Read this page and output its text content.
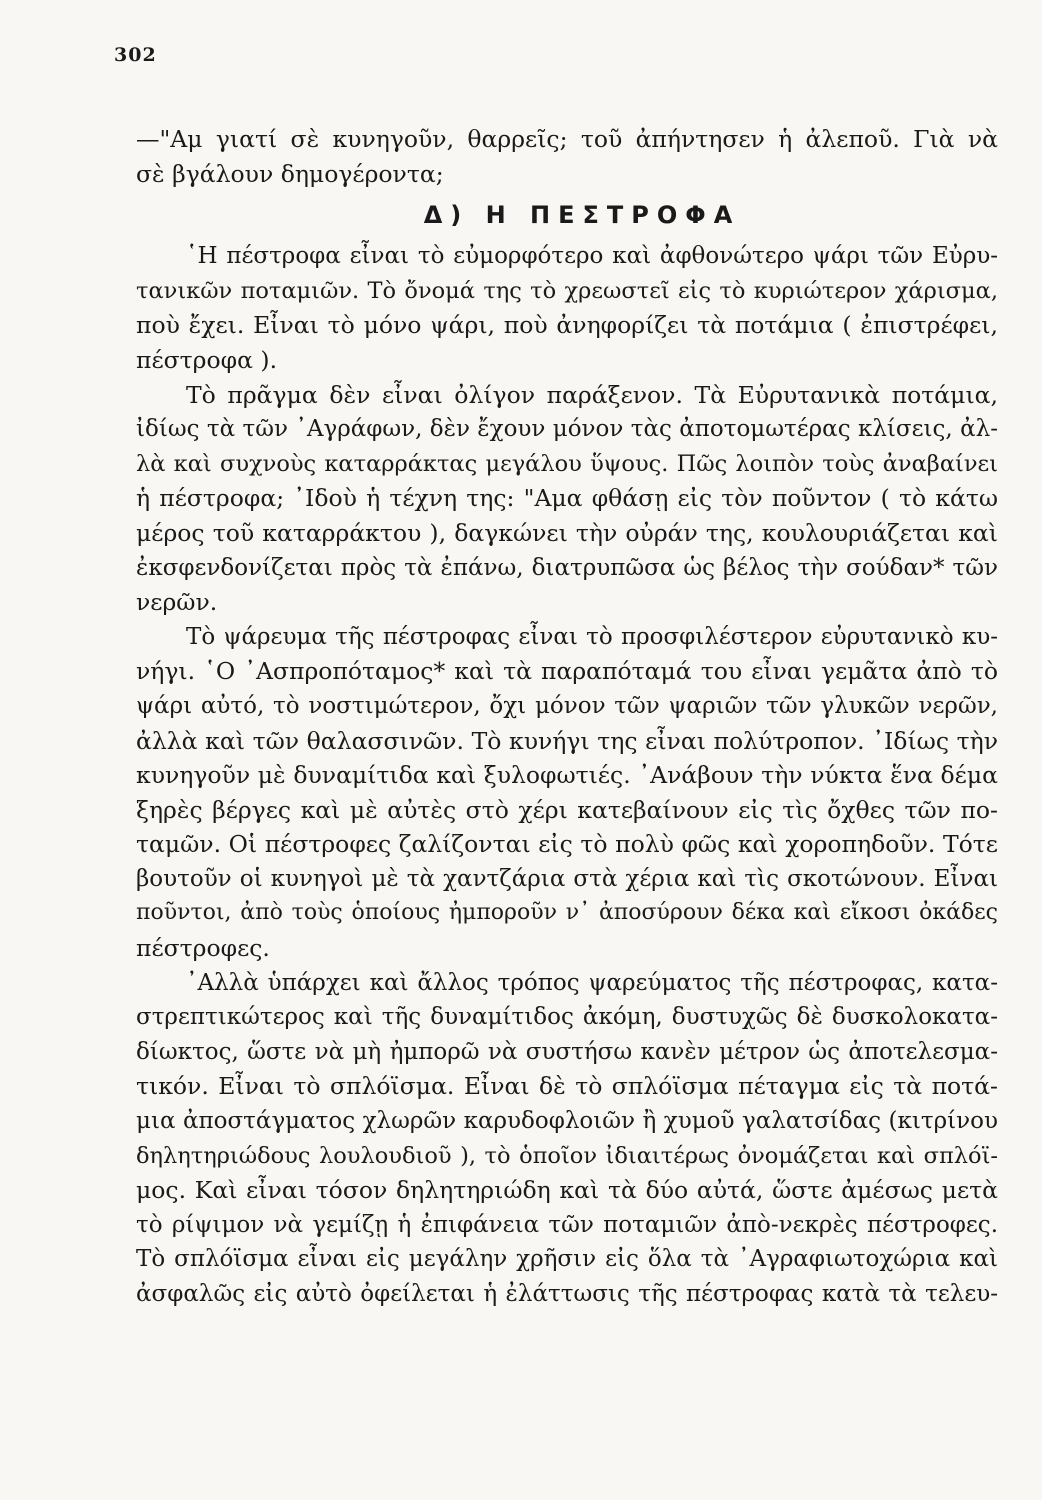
302
—"Αμ γιατί σὲ κυνηγοῦν, θαρρεῖς; τοῦ ἀπήντησεν ἡ ἀλεποῦ. Γιὰ νὰ
σὲ βγάλουν δημογέροντα;
Δ) Η ΠΕΣΤΡΟΦΑ
῾Η πέστροφα εἶναι τὸ εὐμορφότερο καὶ ἀφθονώτερο ψάρι τῶν Εὐρυ-
τανικῶν ποταμιῶν. Τὸ ὄνομά της τὸ χρεωστεῖ εἰς τὸ κυριώτερον χάρισμα,
ποὺ ἔχει. Εἶναι τὸ μόνο ψάρι, ποὺ ἀνηφορίζει τὰ ποτάμια ( ἐπιστρέφει,
πέστροφα ).
Τὸ πρᾶγμα δὲν εἶναι ὀλίγον παράξενον. Τὰ Εὐρυτανικὰ ποτάμια,
ἰδίως τὰ τῶν ᾿Αγράφων, δὲν ἔχουν μόνον τὰς ἀποτομωτέρας κλίσεις, ἀλ-
λὰ καὶ συχνοὺς καταρράκτας μεγάλου ὕψους. Πῶς λοιπὸν τοὺς ἀναβαίνει
ἡ πέστροφα; ᾿Ιδοὺ ἡ τέχνη της: "Αμα φθάσῃ εἰς τὸν ποῦντον ( τὸ κάτω
μέρος τοῦ καταρράκτου ), δαγκώνει τὴν οὐράν της, κουλουριάζεται καὶ
ἐκσφενδονίζεται πρὸς τὰ ἐπάνω, διατρυπῶσα ὡς βέλος τὴν σούδαν* τῶν
νερῶν.
Τὸ ψάρευμα τῆς πέστροφας εἶναι τὸ προσφιλέστερον εὐρυτανικὸ κυ-
νήγι. ῾Ο ᾿Ασπροπόταμος* καὶ τὰ παραπόταμά του εἶναι γεμᾶτα ἀπὸ τὸ
ψάρι αὐτό, τὸ νοστιμώτερον, ὄχι μόνον τῶν ψαριῶν τῶν γλυκῶν νερῶν,
ἀλλὰ καὶ τῶν θαλασσινῶν. Τὸ κυνήγι της εἶναι πολύτροπον. ᾿Ιδίως τὴν
κυνηγοῦν μὲ δυναμίτιδα καὶ ξυλοφωτιές. ᾿Ανάβουν τὴν νύκτα ἕνα δέμα
ξηρὲς βέργες καὶ μὲ αὐτὲς στὸ χέρι κατεβαίνουν εἰς τὶς ὄχθες τῶν πο-
ταμῶν. Οἱ πέστροφες ζαλίζονται εἰς τὸ πολὺ φῶς καὶ χοροπηδοῦν. Τότε
βουτοῦν οἱ κυνηγοὶ μὲ τὰ χαντζάρια στὰ χέρια καὶ τὶς σκοτώνουν. Εἶναι
ποῦντοι, ἀπὸ τοὺς ὁποίους ἠμποροῦν ν᾿ ἀποσύρουν δέκα καὶ εἴκοσι ὀκάδες
πέστροφες.
᾿Αλλὰ ὑπάρχει καὶ ἄλλος τρόπος ψαρεύματος τῆς πέστροφας, κατα-
στρεπτικώτερος καὶ τῆς δυναμίτιδος ἀκόμη, δυστυχῶς δὲ δυσκολοκατα-
δίωκτος, ὥστε νὰ μὴ ἠμπορῶ νὰ συστήσω κανὲν μέτρον ὡς ἀποτελεσμα-
τικόν. Εἶναι τὸ σπλόϊσμα. Εἶναι δὲ τὸ σπλόϊσμα πέταγμα εἰς τὰ ποτά-
μια ἀποστάγματος χλωρῶν καρυδοφλοιῶν ἢ χυμοῦ γαλατσίδας (κιτρίνου
δηλητηριώδους λουλουδιοῦ ), τὸ ὁποῖον ἰδιαιτέρως ὀνομάζεται καὶ σπλόϊ-
μος. Καὶ εἶναι τόσον δηλητηριώδη καὶ τὰ δύο αὐτά, ὥστε ἀμέσως μετὰ
τὸ ρίψιμον νὰ γεμίζῃ ἡ ἐπιφάνεια τῶν ποταμιῶν ἀπὸ-νεκρὲς πέστροφες.
Τὸ σπλόϊσμα εἶναι εἰς μεγάλην χρῆσιν εἰς ὅλα τὰ ᾿Αγραφιωτοχώρια καὶ
ἀσφαλῶς εἰς αὐτὸ ὀφείλεται ἡ ἐλάττωσις τῆς πέστροφας κατὰ τὰ τελευ-
